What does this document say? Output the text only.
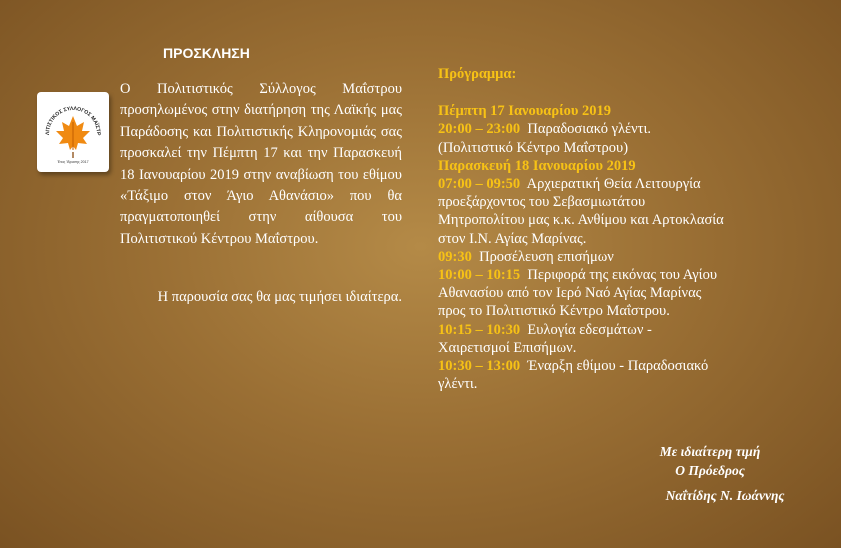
ΠΡΟΣΚΛΗΣΗ
ΛΙΤΙΣΤΙΚΟΣ ΣΥΛΛΟΓΟΣ ΜΑΪΣΤΡ
Έτος Ίδρυσης 2017
Ο Πολιτιστικός Σύλλογος Μαΐστρου προσηλωμένος στην διατήρηση της Λαϊκής μας Παράδοσης και Πολιτιστικής Κληρονομιάς σας προσκαλεί την Πέμπτη 17 και την Παρασκευή 18 Ιανουαρίου 2019 στην αναβίωση του εθίμου «Τάξιμο στον Άγιο Αθανάσιο» που θα πραγματοποιηθεί στην αίθουσα του Πολιτιστικού Κέντρου Μαΐστρου.
Η παρουσία σας θα μας τιμήσει ιδιαίτερα.
Πρόγραμμα:
Πέμπτη 17 Ιανουαρίου 2019
20:00 – 23:00 Παραδοσιακό γλέντι.
(Πολιτιστικό Κέντρο Μαΐστρου)
Παρασκευή 18 Ιανουαρίου 2019
07:00 – 09:50 Αρχιερατική Θεία Λειτουργία
προεξάρχοντος του Σεβασμιωτάτου
Μητροπολίτου μας κ.κ. Ανθίμου και Αρτοκλασία
στον Ι.Ν. Αγίας Μαρίνας.
09:30 Προσέλευση επισήμων
10:00 – 10:15 Περιφορά της εικόνας του Αγίου
Αθανασίου από τον Ιερό Ναό Αγίας Μαρίνας
προς το Πολιτιστικό Κέντρο Μαΐστρου.
10:15 – 10:30 Ευλογία εδεσμάτων -
Χαιρετισμοί Επισήμων.
10:30 – 13:00 Έναρξη εθίμου - Παραδοσιακό
γλέντι.
Με ιδιαίτερη τιμή
Ο Πρόεδρος
Ναΐτίδης Ν. Ιωάννης
